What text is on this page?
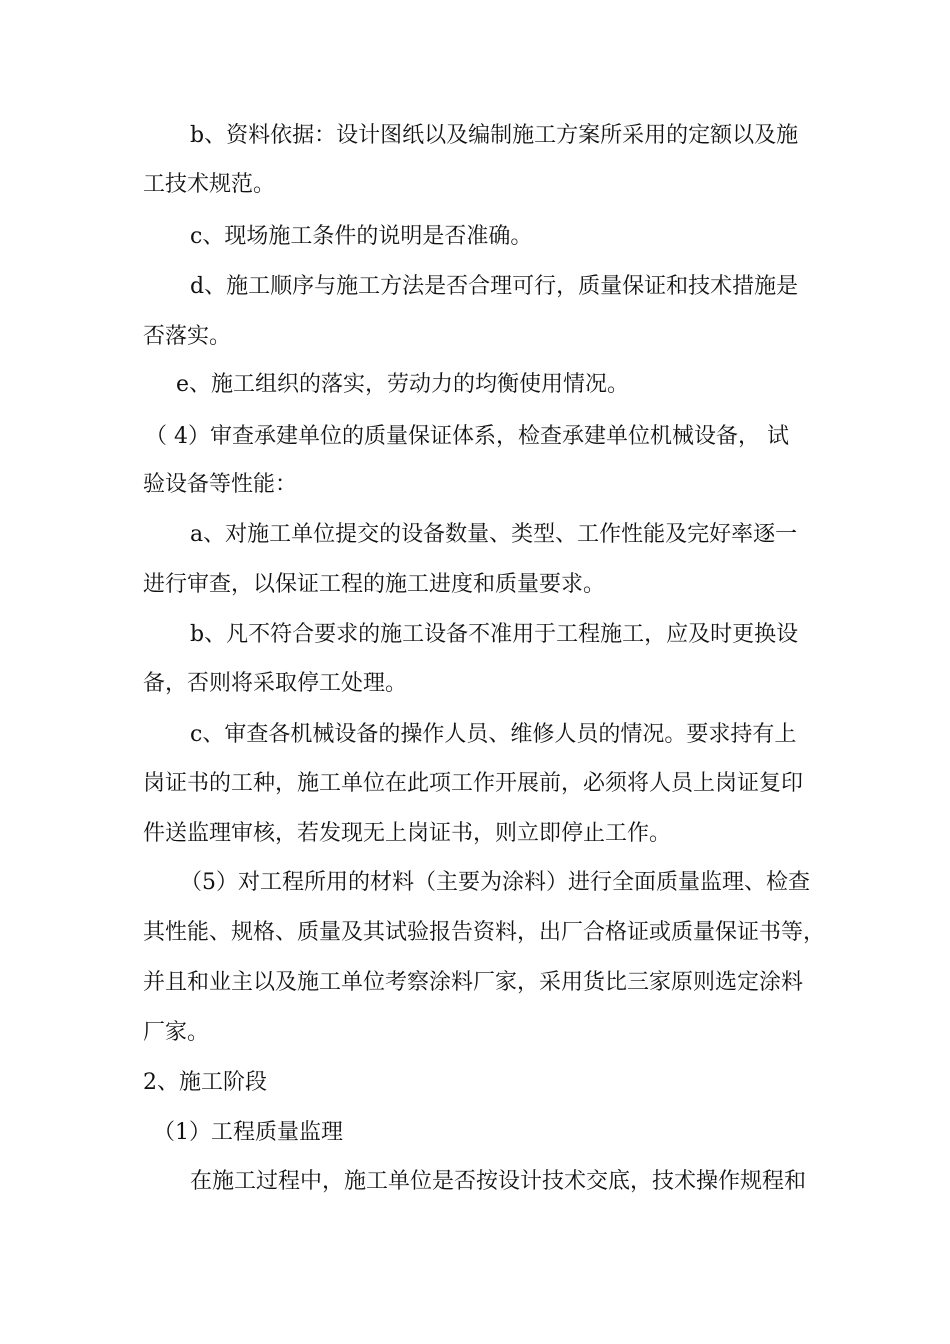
b、资料依据：设计图纸以及编制施工方案所采用的定额以及施
工技术规范。
c、现场施工条件的说明是否准确。
d、施工顺序与施工方法是否合理可行，质量保证和技术措施是
否落实。
e、施工组织的落实，劳动力的均衡使用情况。
（ 4）审查承建单位的质量保证体系，检查承建单位机械设备， 试
验设备等性能：
a、对施工单位提交的设备数量、类型、工作性能及完好率逐一
进行审查，以保证工程的施工进度和质量要求。
b、凡不符合要求的施工设备不准用于工程施工，应及时更换设
备，否则将采取停工处理。
c、审查各机械设备的操作人员、维修人员的情况。要求持有上
岗证书的工种，施工单位在此项工作开展前，必须将人员上岗证复印
件送监理审核，若发现无上岗证书，则立即停止工作。
（5）对工程所用的材料（主要为涂料）进行全面质量监理、检查
其性能、规格、质量及其试验报告资料，出厂合格证或质量保证书等，
并且和业主以及施工单位考察涂料厂家，采用货比三家原则选定涂料
厂家。
2、施工阶段
（1）工程质量监理
在施工过程中，施工单位是否按设计技术交底，技术操作规程和
